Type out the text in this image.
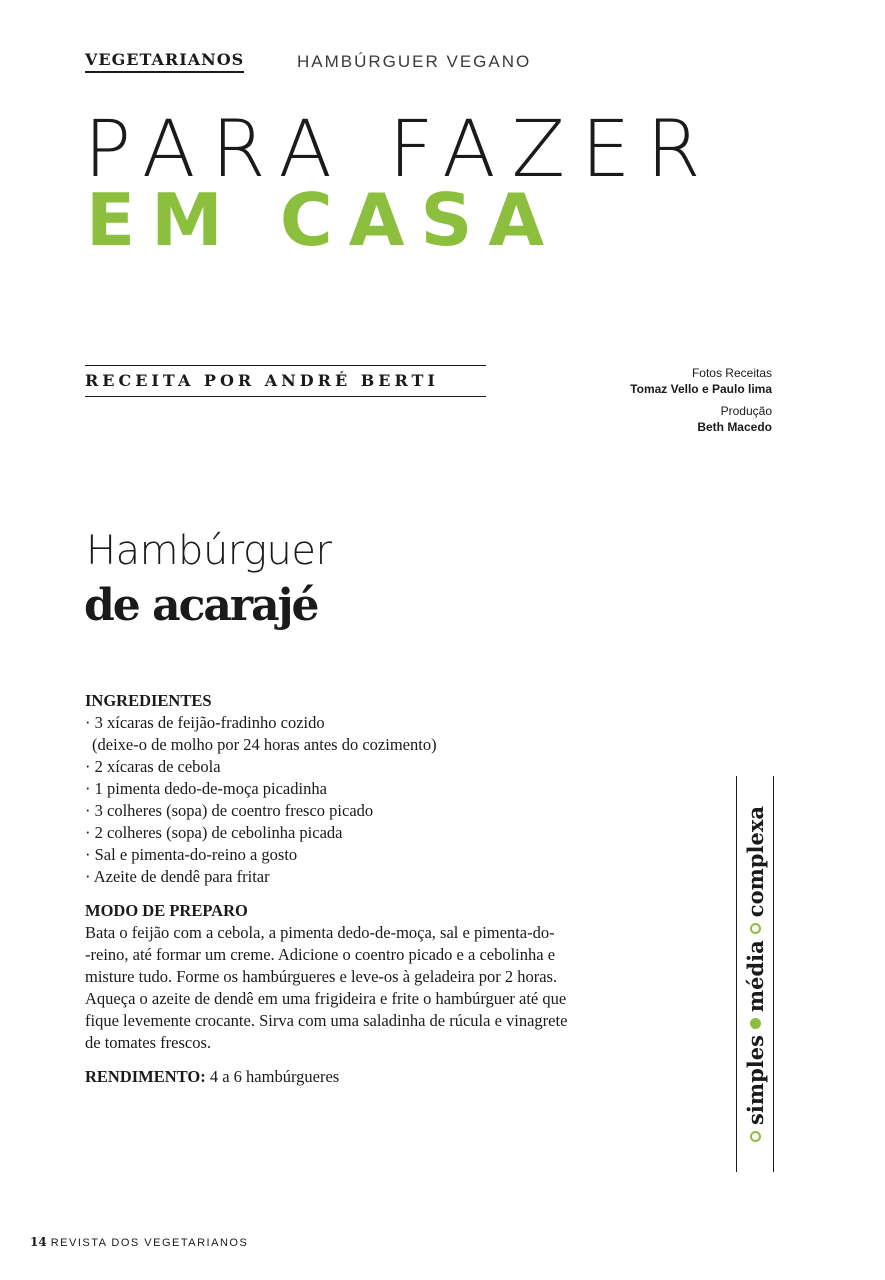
VEGETARIANOS	HAMBÚRGUER VEGANO
PARA FAZER
EM CASA
RECEITA POR ANDRÉ BERTI	Fotos Receitas
Tomaz Vello e Paulo lima
Produção
Beth Macedo
Hambúrguer
de acarajé
INGREDIENTES
· 3 xícaras de feijão-fradinho cozido
(deixe-o de molho por 24 horas antes do cozimento)
· 2 xícaras de cebola
· 1 pimenta dedo-de-moça picadinha
· 3 colheres (sopa) de coentro fresco picado
· 2 colheres (sopa) de cebolinha picada
· Sal e pimenta-do-reino a gosto
· Azeite de dendê para fritar
MODO DE PREPARO
Bata o feijão com a cebola, a pimenta dedo-de-moça, sal e pimenta-do-
-reino, até formar um creme. Adicione o coentro picado e a cebolinha e
misture tudo. Forme os hambúrgueres e leve-os à geladeira por 2 horas.
Aqueça o azeite de dendê em uma frigideira e frite o hambúrguer até que
fique levemente crocante. Sirva com uma saladinha de rúcula e vinagrete
de tomates frescos.

RENDIMENTO: 4 a 6 hambúrgueres	simples
média
complexa
14 REVISTA DOS VEGETARIANOS
